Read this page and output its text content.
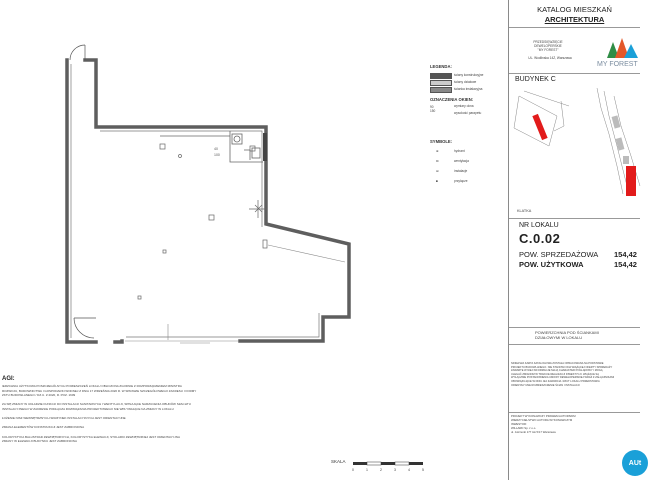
40
100
0	1	2	3	4	5
SKALA
LEGENDA:
ściany konstrukcyjne
ściany działowe
ścianka instalacyjna
OZNACZENIA OKIEN:
90
150
wymiary okna
wysokość parapetu
SYMBOLE:
⊕	hydrant
⊠	wentylacja
⊞	instalacje
■	przyłącze
AGI:
IERZCHNIA UŻYTKOWA POSZCZEGÓLNYCH POMIESZCZEŃ LOKALU OBLICZONA ZGODNIE Z ROZPORZĄDZENIEM MINISTRA
ROZWOJU, BUDOWNICTWA I GOSPODARKI WODNEJ Z DNIA 17 WRZEŚNIA 2020 R. W SPRAWIE SZCZEGÓŁOWEGO ZAKRESU I FORMY
ZKTU BUDOWLANEGO / DZ.U. Z 2020, R. POZ. 1609
ZA SIĘ ZMIANY W UKŁADZIE FUNKCJI DO INSTALACJI SANITARNYCH I WENTYLACJI, SPINAJĄCE NARZUCENIA OBUDÓW SZACHTU
INSTALACYJNEGO W ZAKRESIE PODŁĄCZA ROZWIĄZANIA PROJEKTOWEGO NIE WPŁYWAJĄCE NA ZMIANY W LOKALU
ŁOŻENIE NISZ WEWNĘTRZNYCH SKRZYNEK INSTALACYJNYCH JEST ORIENTACYJNE
ZMIANA ELEMENTÓW KONSTRUKCJI JEST ZABRONIONA
KOLORYSTYKA BALUSTRAD ZEWNĘTRZNYCH, KOLORYSTYKA ELEWACJI, STOLARKI ZEWNĘTRZNEJ JEST ORIENTACYJNA
ZMIANY W ELEWACJI BUDYNKU JEST ZABRONIONA
KATALOG MIESZKAŃ
ARCHITEKTURA
PRZEDSIĘWZIĘCIE
DEWELOPERSKIE
"MY FOREST"
UL. Wodlinska 14Z, Warszawa
MY FOREST
BUDYNEK C
KLATKA
NR LOKALU
C.0.02
POW. SPRZEDAŻOWA 154,42
POW. UŻYTKOWA	154,42
POWIERZCHNIA POD ŚCIANKAMI
DZIAŁOWYMI W LOKALU
NINIEJSZA KARTA KATALOGOWA ZOSTAŁA OPRACOWANA NA PODSTAWIE
PROJEKTU BUDOWLANEGO. NIE STANOWI ONA WIĄŻĄCEJ OFERTY SPRZEDAŻY
ZAWARTE W NIEJ INFORMACJE MAJĄ CHARAKTER POGLĄDOWY I MOGĄ
ULEGAĆ ZMIANOM W TRAKCIE REALIZACJI INWESTYCJI. WIĄŻĄCE SĄ
WYŁĄCZNIE POSTANOWIENIA UMOWY DEWELOPERSKIEJ WRAZ Z ZAŁĄCZNIKAMI
OBOWIĄZUJĄCE W DNIU JEJ ZAWARCIA. RZUT LOKALU PRZEDSTAWIA
ORIENTACYJNE ROZMIESZCZENIE ŚCIAN I INSTALACJI
PROJEKT WYKONAWCZY PRAWEM AUTORSKIM
WIERZYCIELSTWO AUTORA WYKONAWCZYM
INWESTOR:
WILLARD Sp. z o.o.
ul. Jutrzenki 177 lok 5/17 Warszawa
AUt
